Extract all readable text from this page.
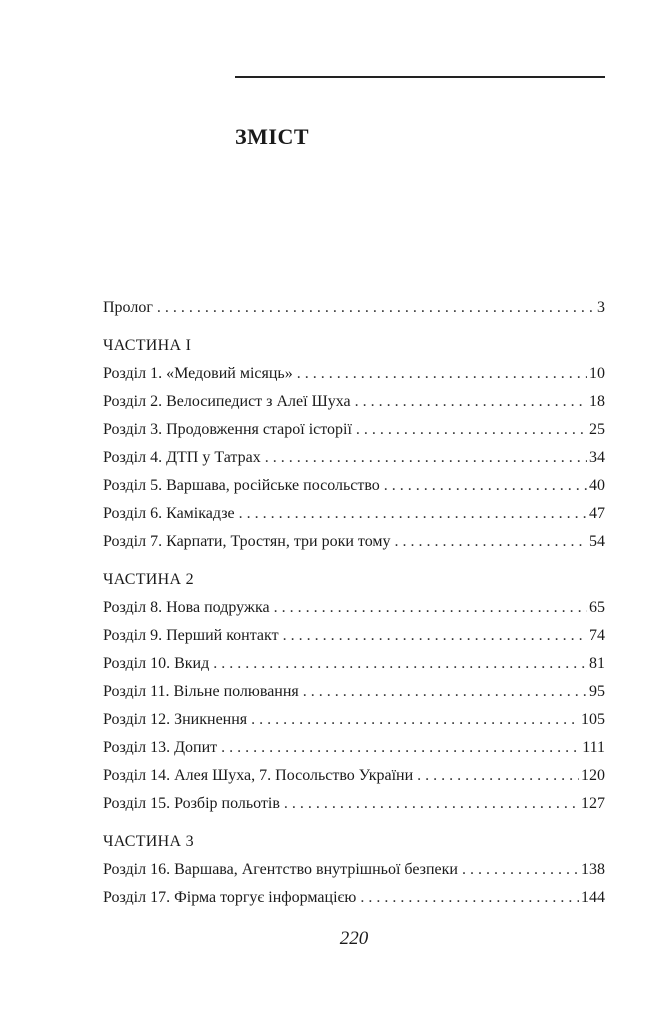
ЗМІСТ
Пролог . . .	3
ЧАСТИНА I
Розділ 1. «Медовий місяць» . . .	10
Розділ 2. Велосипедист з Алеї Шуха . . .	18
Розділ 3. Продовження старої історії . . .	25
Розділ 4. ДТП у Татрах . . .	34
Розділ 5. Варшава, російське посольство . . .	40
Розділ 6. Камікадзе . . .	47
Розділ 7. Карпати, Тростян, три роки тому . . .	54
ЧАСТИНА 2
Розділ 8. Нова подружка . . .	65
Розділ 9. Перший контакт . . .	74
Розділ 10. Вкид . . .	81
Розділ 11. Вільне полювання . . .	95
Розділ 12. Зникнення . . .	105
Розділ 13. Допит . . .	111
Розділ 14. Алея Шуха, 7. Посольство України . . .	120
Розділ 15. Розбір польотів . . .	127
ЧАСТИНА 3
Розділ 16. Варшава, Агентство внутрішньої безпеки . . .	138
Розділ 17. Фірма торгує інформацією . . .	144
220
